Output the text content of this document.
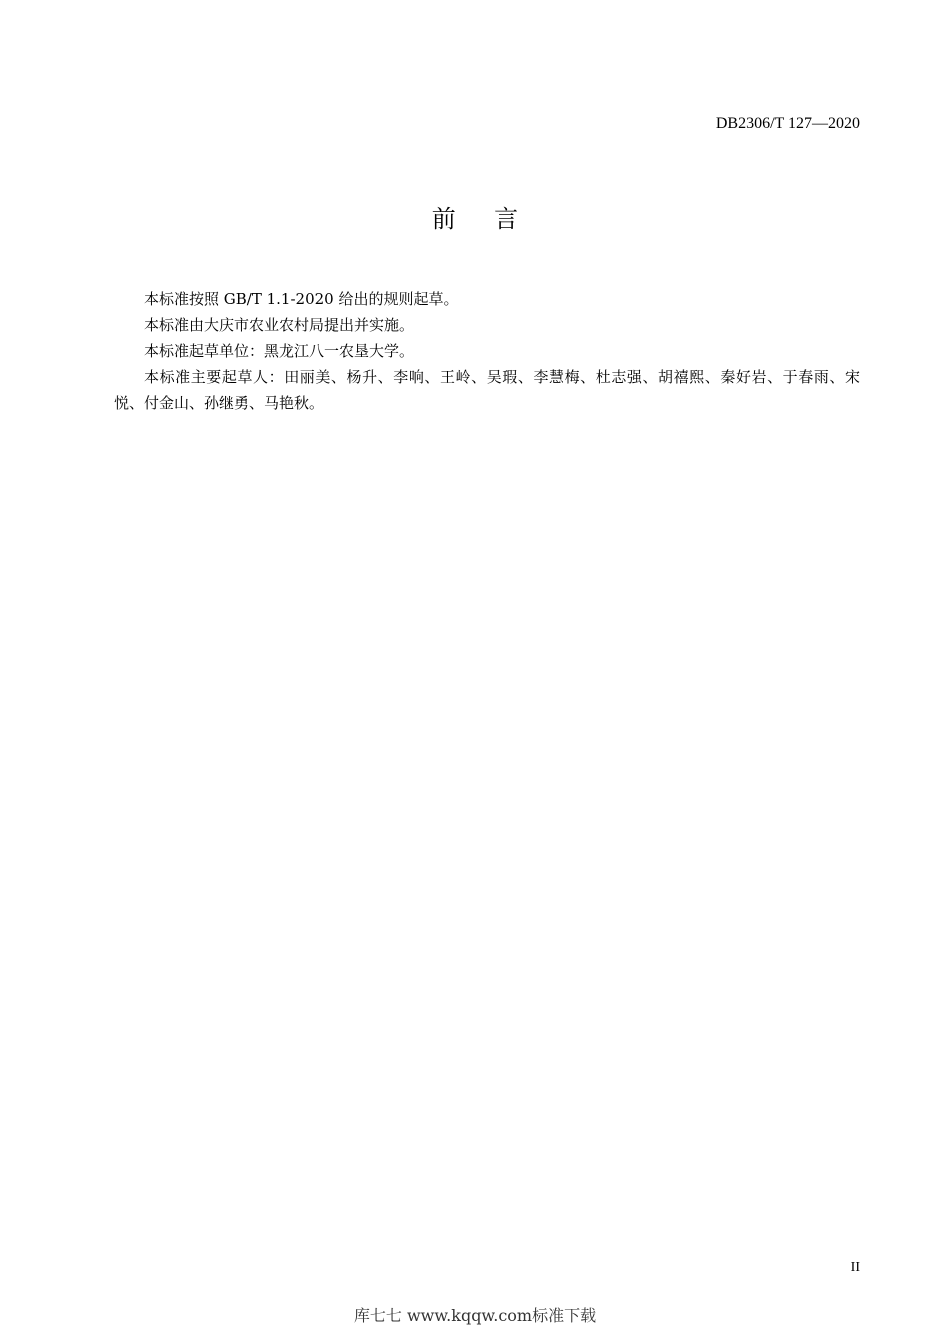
DB2306/T 127—2020
前言

本标准按照 GB/T 1.1-2020 给出的规则起草。

本标准由大庆市农业农村局提出并实施。

本标准起草单位：黑龙江八一农垦大学。

本标准主要起草人：田丽美、杨升、李响、王岭、吴瑕、李慧梅、杜志强、胡禧熙、秦好岩、于春雨、宋悦、付金山、孙继勇、马艳秋。

II
库七七 www.kqqw.com标准下载
